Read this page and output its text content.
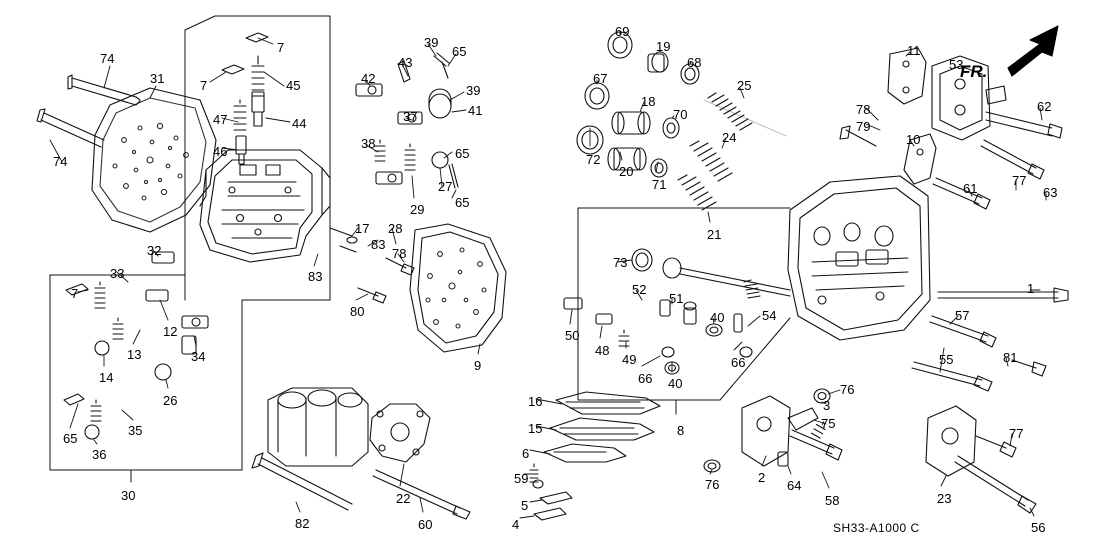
74
31
7
7	45
43
39
65
42
39
41
37
47	44
46
38
65
74
27
65
29
17 28
83
78
32
33	83
80
7
12
13
14
34
26
35
36
65
30
9
82
22
60
16
15
6
59
5
4
69
19
68
25
67
18
70
24
72
20
71
21
11
53
62
78
79
10
61
77
63
73
52
51
40	54
50
48
49	66
66 40
8
1
57
55	81
76
3
75
77
76	2
64
58	23
56
FR.
SH33-A1000 C
